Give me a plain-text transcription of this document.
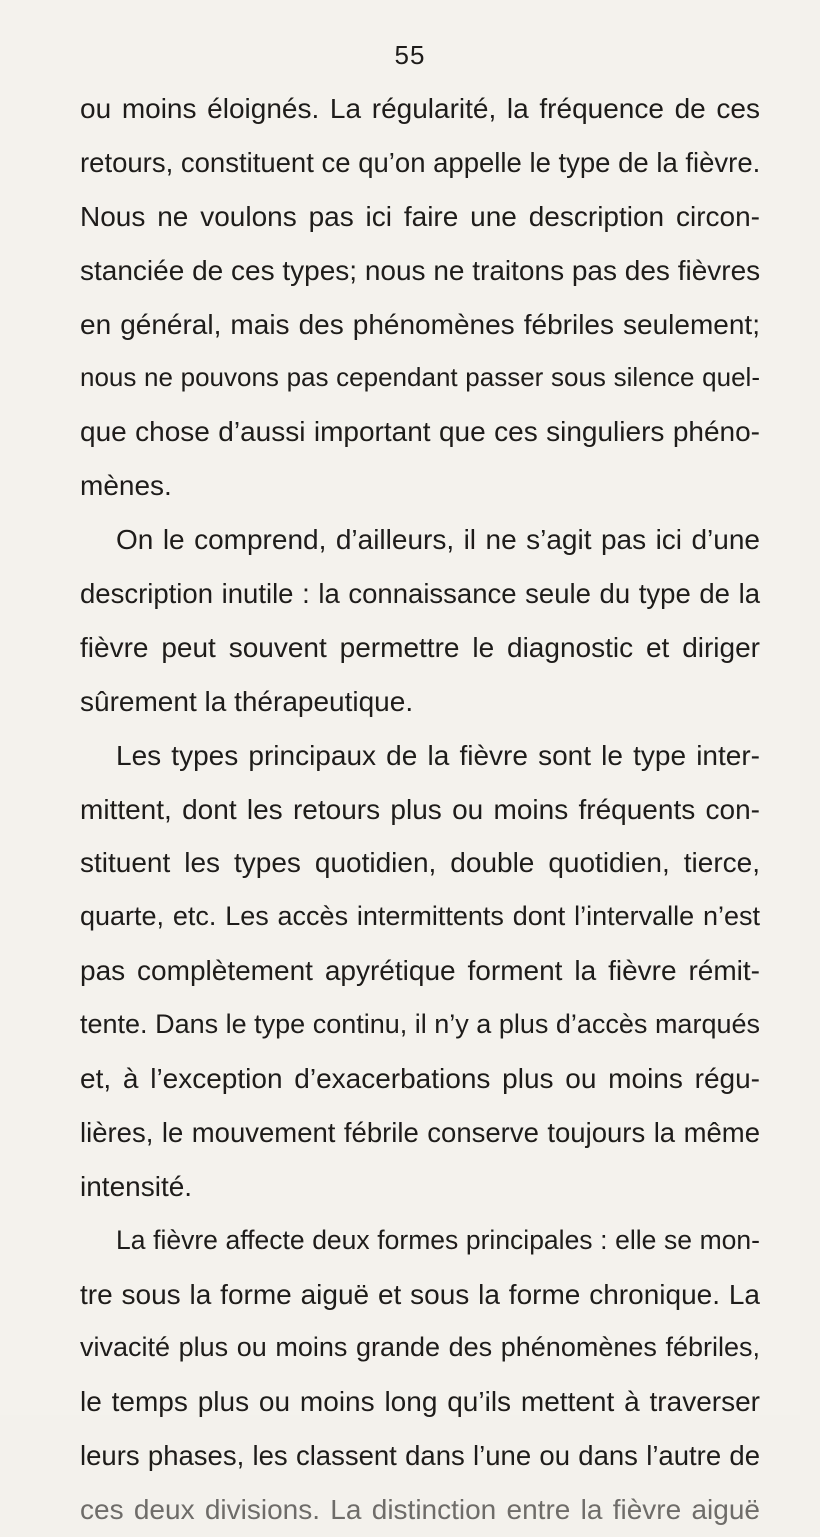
55
ou moins éloignés. La régularité, la fréquence de ces
retours, constituent ce qu’on appelle le type de la fièvre.
Nous ne voulons pas ici faire une description circon-
stanciée de ces types; nous ne traitons pas des fièvres
en général, mais des phénomènes fébriles seulement;
nous ne pouvons pas cependant passer sous silence quel-
que chose d’aussi important que ces singuliers phéno-
mènes.
On le comprend, d’ailleurs, il ne s’agit pas ici d’une
description inutile : la connaissance seule du type de la
fièvre peut souvent permettre le diagnostic et diriger
sûrement la thérapeutique.
Les types principaux de la fièvre sont le type inter-
mittent, dont les retours plus ou moins fréquents con-
stituent les types quotidien, double quotidien, tierce,
quarte, etc. Les accès intermittents dont l’intervalle n’est
pas complètement apyrétique forment la fièvre rémit-
tente. Dans le type continu, il n’y a plus d’accès marqués
et, à l’exception d’exacerbations plus ou moins régu-
lières, le mouvement fébrile conserve toujours la même
intensité.
La fièvre affecte deux formes principales : elle se mon-
tre sous la forme aiguë et sous la forme chronique. La
vivacité plus ou moins grande des phénomènes fébriles,
le temps plus ou moins long qu’ils mettent à traverser
leurs phases, les classent dans l’une ou dans l’autre de
ces deux divisions. La distinction entre la fièvre aiguë
